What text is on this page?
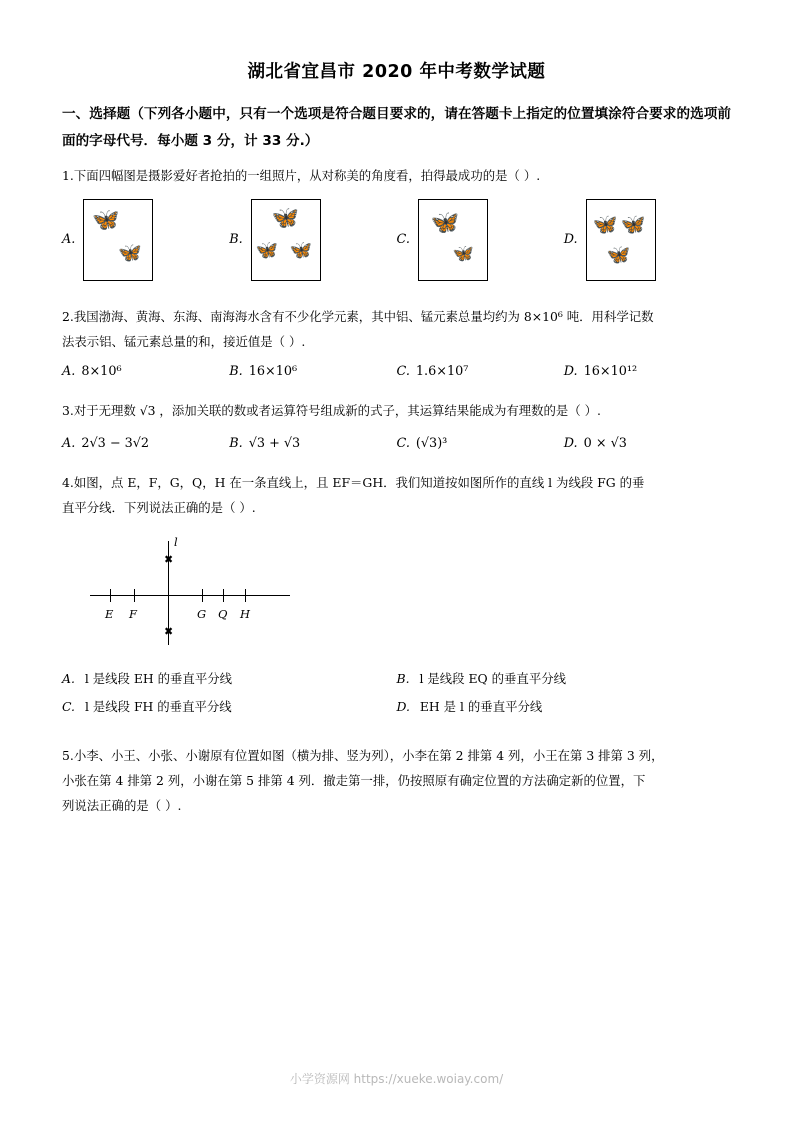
湖北省宜昌市 2020 年中考数学试题
一、选择题（下列各小题中，只有一个选项是符合题目要求的，请在答题卡上指定的位置填涂符合要求的选项前面的字母代号．每小题 3 分，计 33 分.）
1.下面四幅图是摄影爱好者抢拍的一组照片，从对称美的角度看，拍得最成功的是（ ）.
A.
🦋
🦋
B.
🦋
🦋 🦋	C.
🦋
🦋
D.
🦋 🦋
🦋
2.我国渤海、黄海、东海、南海海水含有不少化学元素，其中铝、锰元素总量均约为 8×10⁶ 吨．用科学记数
法表示铝、锰元素总量的和，接近值是（ ）.
A. 8×10⁶	B. 16×10⁶	C. 1.6×10⁷	D. 16×10¹²
3.对于无理数 √3 ，添加关联的数或者运算符号组成新的式子，其运算结果能成为有理数的是（ ）.
A. 2√3 − 3√2	B. √3 + √3	C. (√3)³	D. 0 × √3
4.如图，点 E，F，G，Q，H 在一条直线上，且 EF＝GH．我们知道按如图所作的直线 l 为线段 FG 的垂
直平分线．下列说法正确的是（ ）.
l
✖
✖
E F	G Q H
A. l 是线段 EH 的垂直平分线	B. l 是线段 EQ 的垂直平分线
C. l 是线段 FH 的垂直平分线	D. EH 是 l 的垂直平分线
5.小李、小王、小张、小谢原有位置如图（横为排、竖为列），小李在第 2 排第 4 列，小王在第 3 排第 3 列，
小张在第 4 排第 2 列，小谢在第 5 排第 4 列．撤走第一排，仍按照原有确定位置的方法确定新的位置，下
列说法正确的是（ ）.
小学资源网 https://xueke.woiay.com/
